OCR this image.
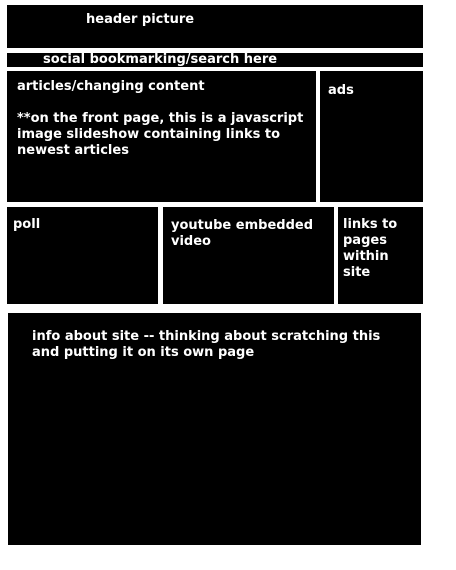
header picture
social bookmarking/search here
articles/changing content
**on the front page, this is a javascript image slideshow containing links to newest articles
ads
poll	youtube embedded video
links to pages within site
info about site -- thinking about scratching this and putting it on its own page
